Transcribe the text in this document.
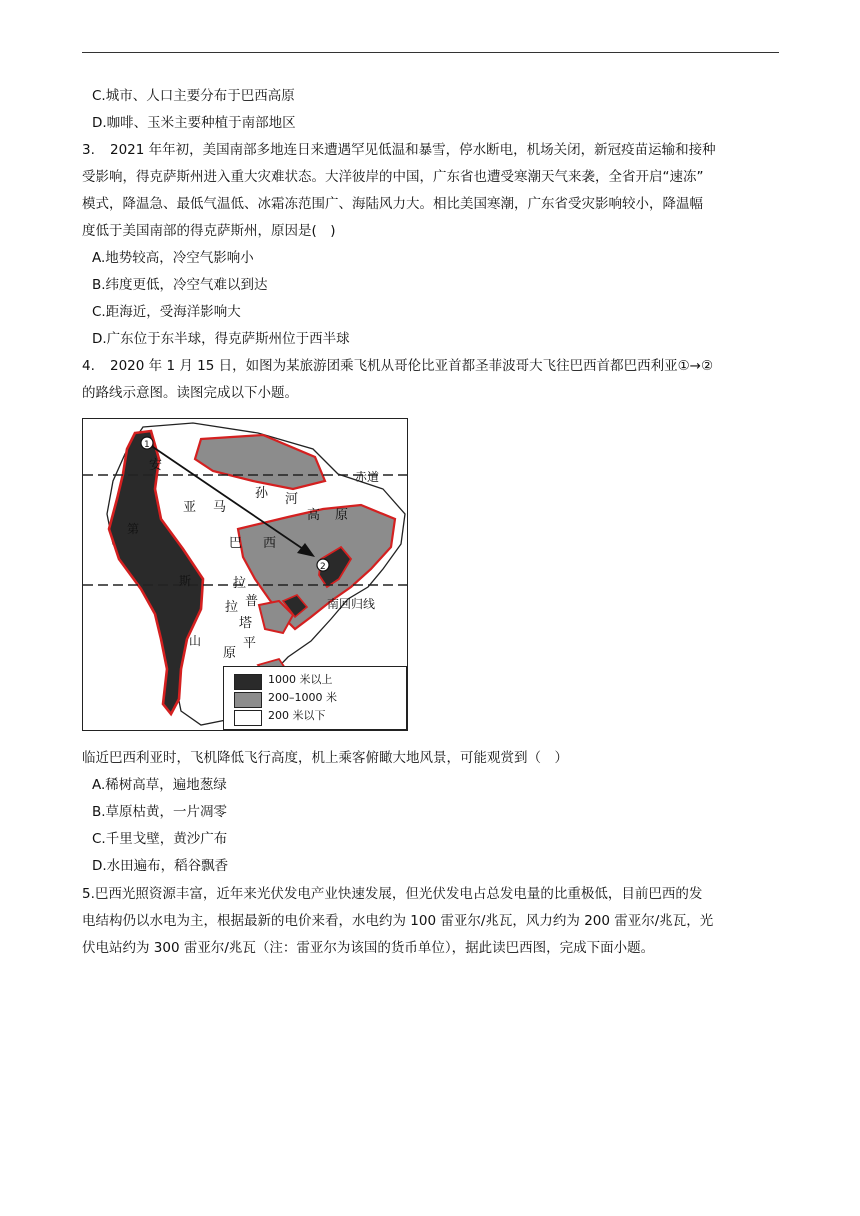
C.城市、人口主要分布于巴西高原
D.咖啡、玉米主要种植于南部地区
3. 2021 年年初，美国南部多地连日来遭遇罕见低温和暴雪，停水断电，机场关闭，新冠疫苗运输和接种
受影响，得克萨斯州进入重大灾难状态。大洋彼岸的中国，广东省也遭受寒潮天气来袭，全省开启“速冻”
模式，降温急、最低气温低、冰霜冻范围广、海陆风力大。相比美国寒潮，广东省受灾影响较小，降温幅
度低于美国南部的得克萨斯州，原因是(　)
A.地势较高，冷空气影响小
B.纬度更低，冷空气难以到达
C.距海近，受海洋影响大
D.广东位于东半球，得克萨斯州位于西半球
4. 2020 年 1 月 15 日，如图为某旅游团乘飞机从哥伦比亚首都圣菲波哥大飞往巴西首都巴西利亚①→②
的路线示意图。读图完成以下小题。
1
2
安
第
斯
山
亚 马
孙 河
巴 西
高 原
拉
普
拉
塔
平
原
赤道
南回归线
1000 米以上
200–1000 米
200 米以下
临近巴西利亚时，飞机降低飞行高度，机上乘客俯瞰大地风景，可能观赏到（　）
A.稀树高草，遍地葱绿
B.草原枯黄，一片凋零
C.千里戈壁，黄沙广布
D.水田遍布，稻谷飘香
5.巴西光照资源丰富，近年来光伏发电产业快速发展，但光伏发电占总发电量的比重极低，目前巴西的发
电结构仍以水电为主，根据最新的电价来看，水电约为 100 雷亚尔/兆瓦，风力约为 200 雷亚尔/兆瓦，光
伏电站约为 300 雷亚尔/兆瓦（注：雷亚尔为该国的货币单位），据此读巴西图，完成下面小题。
